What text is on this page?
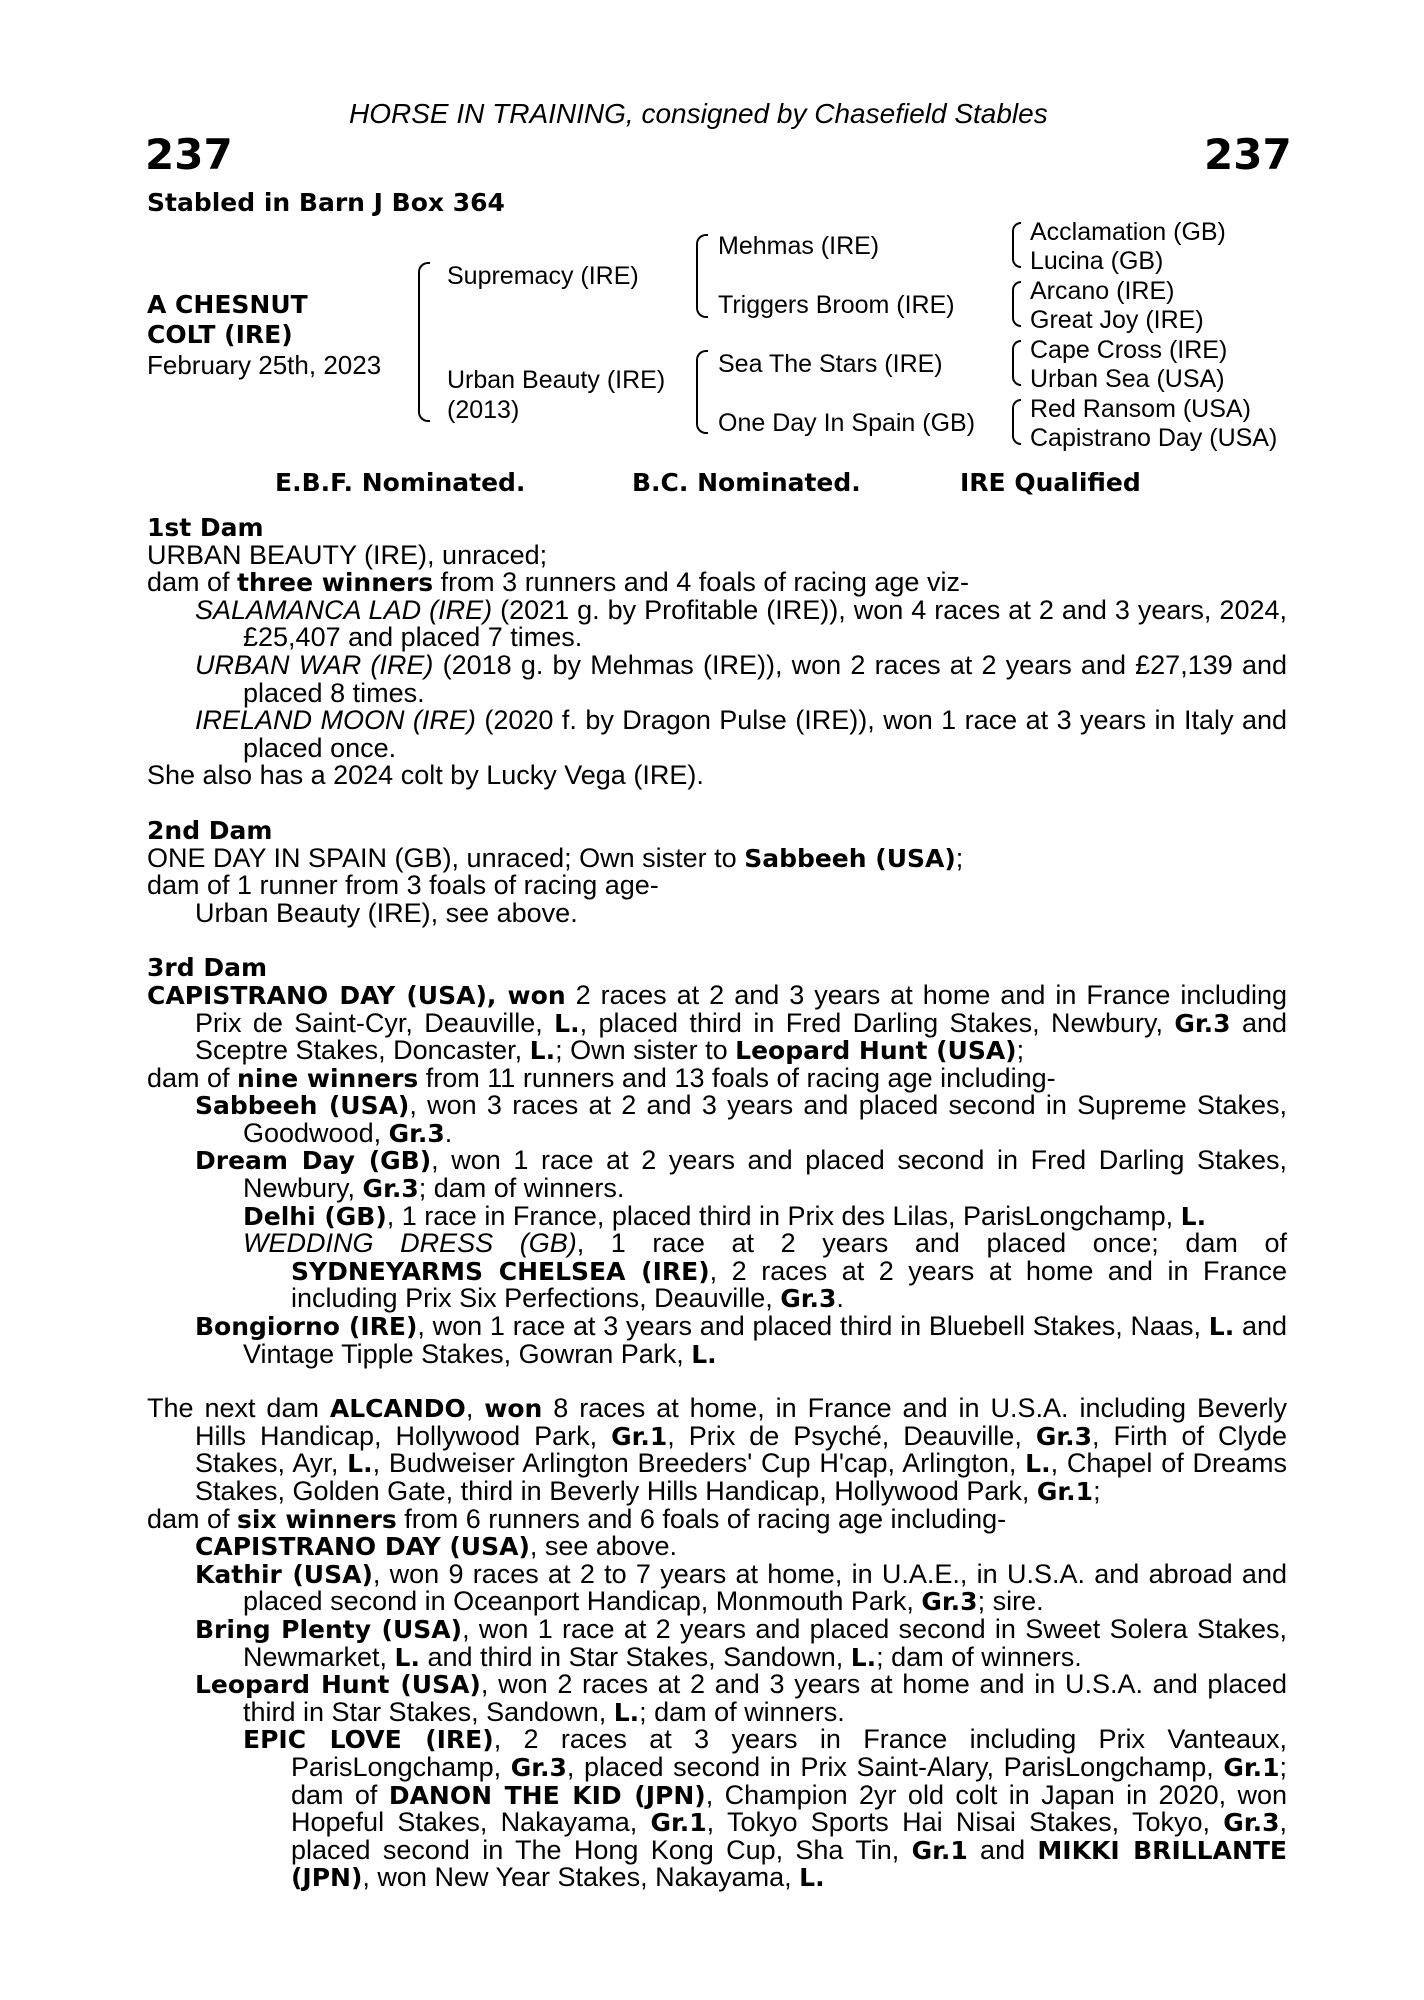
HORSE IN TRAINING, consigned by Chasefield Stables
237	237
Stabled in Barn J Box 364
A CHESNUT
COLT (IRE)
February 25th, 2023
Supremacy (IRE)
Urban Beauty (IRE)
(2013)
Mehmas (IRE)
Triggers Broom (IRE)
Sea The Stars (IRE)
One Day In Spain (GB)
Acclamation (GB)
Lucina (GB)
Arcano (IRE)
Great Joy (IRE)
Cape Cross (IRE)
Urban Sea (USA)
Red Ransom (USA)
Capistrano Day (USA)
E.B.F. Nominated.	B.C. Nominated.	IRE Qualified

1st Dam

URBAN BEAUTY (IRE), unraced;

dam of three winners from 3 runners and 4 foals of racing age viz-

SALAMANCA LAD (IRE) (2021 g. by Profitable (IRE)), won 4 races at 2 and 3 years, 2024, £25,407 and placed 7 times.

URBAN WAR (IRE) (2018 g. by Mehmas (IRE)), won 2 races at 2 years and £27,139 and placed 8 times.

IRELAND MOON (IRE) (2020 f. by Dragon Pulse (IRE)), won 1 race at 3 years in Italy and placed once.

She also has a 2024 colt by Lucky Vega (IRE).

2nd Dam

ONE DAY IN SPAIN (GB), unraced; Own sister to Sabbeeh (USA);

dam of 1 runner from 3 foals of racing age-

Urban Beauty (IRE), see above.

3rd Dam

CAPISTRANO DAY (USA), won 2 races at 2 and 3 years at home and in France including Prix de Saint-Cyr, Deauville, L., placed third in Fred Darling Stakes, Newbury, Gr.3 and Sceptre Stakes, Doncaster, L.; Own sister to Leopard Hunt (USA);

dam of nine winners from 11 runners and 13 foals of racing age including-

Sabbeeh (USA), won 3 races at 2 and 3 years and placed second in Supreme Stakes, Goodwood, Gr.3.

Dream Day (GB), won 1 race at 2 years and placed second in Fred Darling Stakes, Newbury, Gr.3; dam of winners.

Delhi (GB), 1 race in France, placed third in Prix des Lilas, ParisLongchamp, L.

WEDDING DRESS (GB), 1 race at 2 years and placed once; dam of

SYDNEYARMS CHELSEA (IRE), 2 races at 2 years at home and in France including Prix Six Perfections, Deauville, Gr.3.

Bongiorno (IRE), won 1 race at 3 years and placed third in Bluebell Stakes, Naas, L. and Vintage Tipple Stakes, Gowran Park, L.

The next dam ALCANDO, won 8 races at home, in France and in U.S.A. including Beverly Hills Handicap, Hollywood Park, Gr.1, Prix de Psyché, Deauville, Gr.3, Firth of Clyde Stakes, Ayr, L., Budweiser Arlington Breeders' Cup H'cap, Arlington, L., Chapel of Dreams Stakes, Golden Gate, third in Beverly Hills Handicap, Hollywood Park, Gr.1;

dam of six winners from 6 runners and 6 foals of racing age including-

CAPISTRANO DAY (USA), see above.

Kathir (USA), won 9 races at 2 to 7 years at home, in U.A.E., in U.S.A. and abroad and placed second in Oceanport Handicap, Monmouth Park, Gr.3; sire.

Bring Plenty (USA), won 1 race at 2 years and placed second in Sweet Solera Stakes, Newmarket, L. and third in Star Stakes, Sandown, L.; dam of winners.

Leopard Hunt (USA), won 2 races at 2 and 3 years at home and in U.S.A. and placed third in Star Stakes, Sandown, L.; dam of winners.

EPIC LOVE (IRE), 2 races at 3 years in France including Prix Vanteaux, ParisLongchamp, Gr.3, placed second in Prix Saint-Alary, ParisLongchamp, Gr.1; dam of DANON THE KID (JPN), Champion 2yr old colt in Japan in 2020, won Hopeful Stakes, Nakayama, Gr.1, Tokyo Sports Hai Nisai Stakes, Tokyo, Gr.3, placed second in The Hong Kong Cup, Sha Tin, Gr.1 and MIKKI BRILLANTE (JPN), won New Year Stakes, Nakayama, L.
